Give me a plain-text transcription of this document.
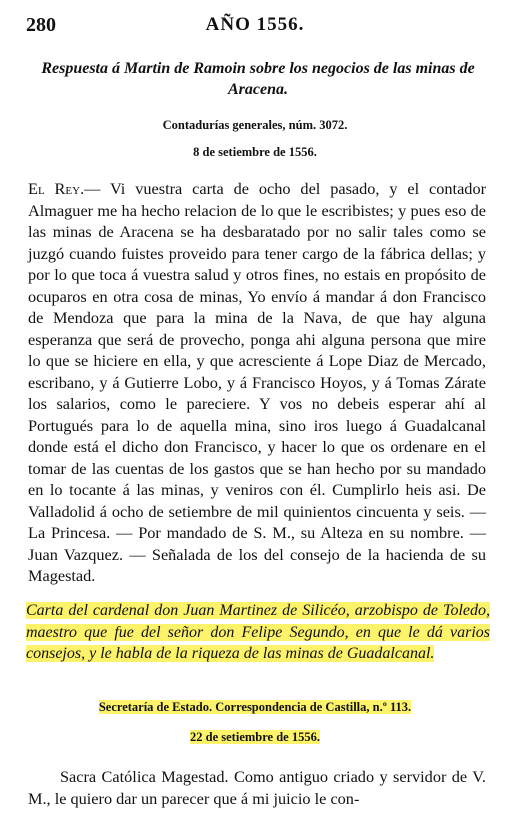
280	AÑO 1556.
Respuesta á Martin de Ramoin sobre los negocios de las minas de Aracena.
Contadurías generales, núm. 3072.
8 de setiembre de 1556.

El Rey.— Vi vuestra carta de ocho del pasado, y el contador Almaguer me ha hecho relacion de lo que le escribistes; y pues eso de las minas de Aracena se ha desbaratado por no salir tales como se juzgó cuando fuistes proveido para tener cargo de la fábrica dellas; y por lo que toca á vuestra salud y otros fines, no estais en propósito de ocuparos en otra cosa de minas, Yo envío á mandar á don Francisco de Mendoza que para la mina de la Nava, de que hay alguna esperanza que será de provecho, ponga ahi alguna persona que mire lo que se hiciere en ella, y que acresciente á Lope Diaz de Mercado, escribano, y á Gutierre Lobo, y á Francisco Hoyos, y á Tomas Zárate los salarios, como le pareciere. Y vos no debeis esperar ahí al Portugués para lo de aquella mina, sino iros luego á Guadalcanal donde está el dicho don Francisco, y hacer lo que os ordenare en el tomar de las cuentas de los gastos que se han hecho por su mandado en lo tocante á las minas, y veniros con él. Cumplirlo heis asi. De Valladolid á ocho de setiembre de mil quinientos cincuenta y seis. — La Princesa. — Por mandado de S. M., su Alteza en su nombre. — Juan Vazquez. — Señalada de los del consejo de la hacienda de su Magestad.

Carta del cardenal don Juan Martinez de Silicéo, arzobispo de Toledo, maestro que fue del señor don Felipe Segundo, en que le dá varios consejos, y le habla de la riqueza de las minas de Guadalcanal.

Secretaría de Estado. Correspondencia de Castilla, n.º 113.
22 de setiembre de 1556.

Sacra Católica Magestad. Como antiguo criado y servidor de V. M., le quiero dar un parecer que á mi juicio le con-
